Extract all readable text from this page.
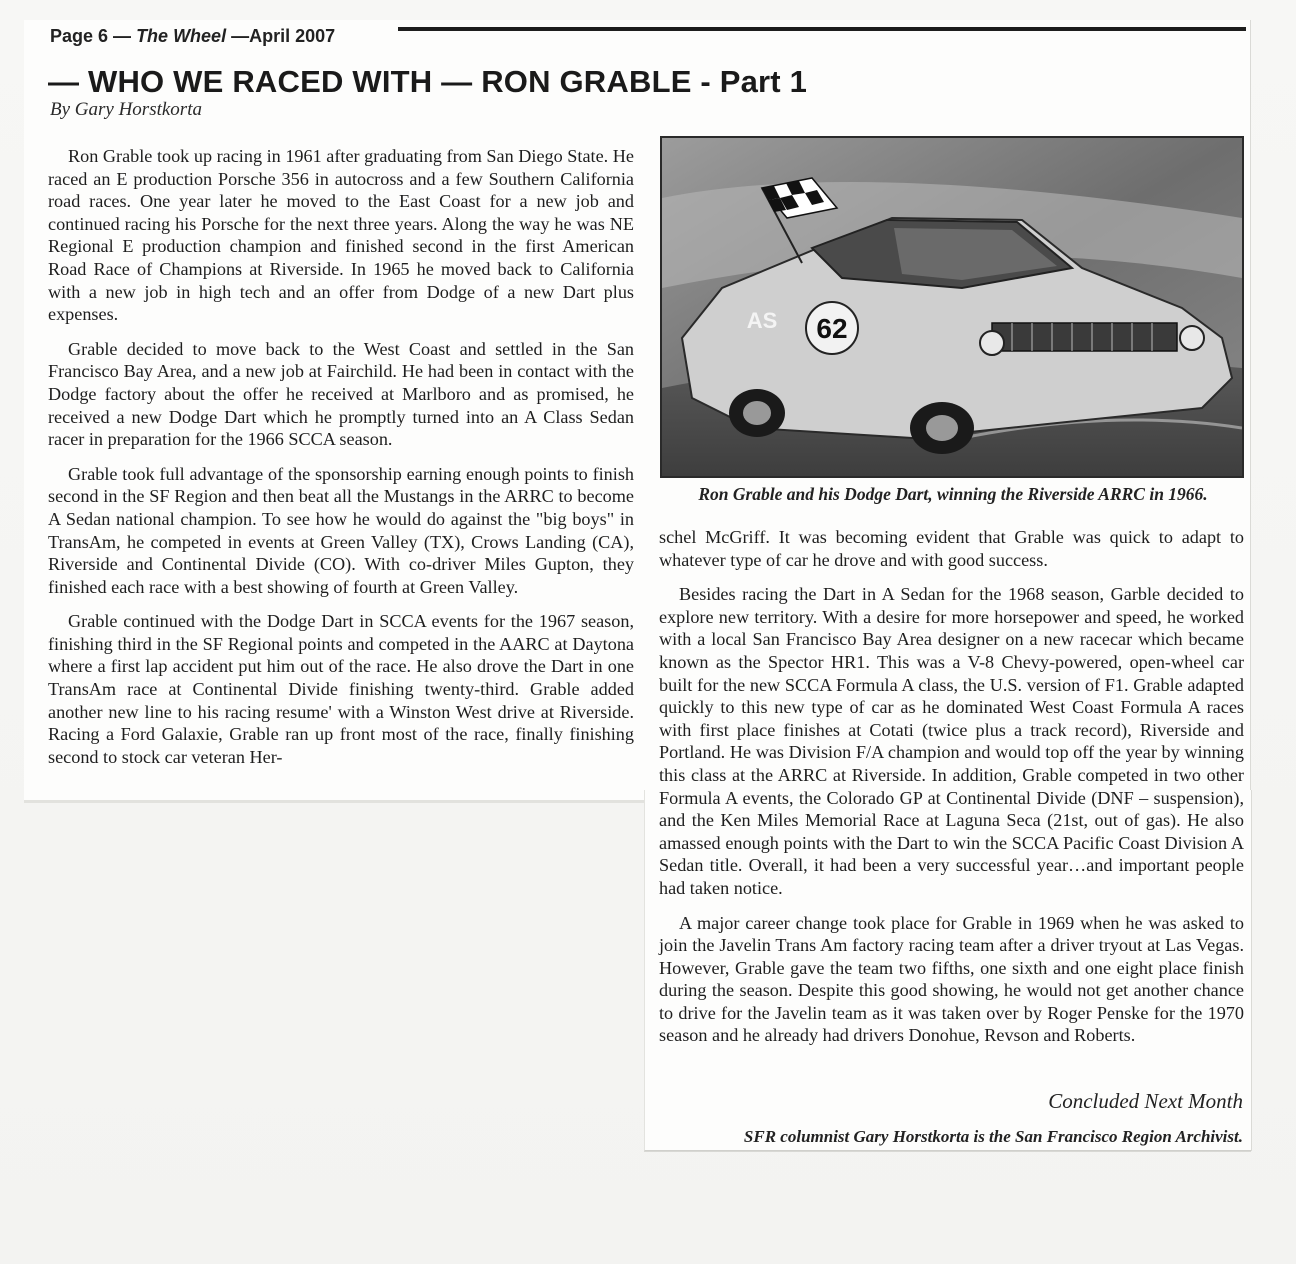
Page 6 — The Wheel —April 2007
— WHO WE RACED WITH — RON GRABLE - Part 1
By Gary Horstkorta

Ron Grable took up racing in 1961 after graduating from San Diego State. He raced an E production Porsche 356 in autocross and a few Southern California road races. One year later he moved to the East Coast for a new job and continued racing his Porsche for the next three years. Along the way he was NE Regional E production champion and finished second in the first American Road Race of Champions at Riverside. In 1965 he moved back to California with a new job in high tech and an offer from Dodge of a new Dart plus expenses.

Grable decided to move back to the West Coast and settled in the San Francisco Bay Area, and a new job at Fairchild. He had been in contact with the Dodge factory about the offer he received at Marlboro and as promised, he received a new Dodge Dart which he promptly turned into an A Class Sedan racer in preparation for the 1966 SCCA season.

Grable took full advantage of the sponsorship earning enough points to finish second in the SF Region and then beat all the Mustangs in the ARRC to become A Sedan national champion. To see how he would do against the "big boys" in TransAm, he competed in events at Green Valley (TX), Crows Landing (CA), Riverside and Continental Divide (CO). With co-driver Miles Gupton, they finished each race with a best showing of fourth at Green Valley.

Grable continued with the Dodge Dart in SCCA events for the 1967 season, finishing third in the SF Regional points and competed in the AARC at Daytona where a first lap accident put him out of the race. He also drove the Dart in one TransAm race at Continental Divide finishing twenty-third. Grable added another new line to his racing resume' with a Winston West drive at Riverside. Racing a Ford Galaxie, Grable ran up front most of the race, finally finishing second to stock car veteran Her-

62
AS
Ron Grable and his Dodge Dart, winning the Riverside ARRC in 1966.

schel McGriff. It was becoming evident that Grable was quick to adapt to whatever type of car he drove and with good success.

Besides racing the Dart in A Sedan for the 1968 season, Garble decided to explore new territory. With a desire for more horsepower and speed, he worked with a local San Francisco Bay Area designer on a new racecar which became known as the Spector HR1. This was a V-8 Chevy-powered, open-wheel car built for the new SCCA Formula A class, the U.S. version of F1. Grable adapted quickly to this new type of car as he dominated West Coast Formula A races with first place finishes at Cotati (twice plus a track record), Riverside and Portland. He was Division F/A champion and would top off the year by winning this class at the ARRC at Riverside. In addition, Grable competed in two other Formula A events, the Colorado GP at Continental Divide (DNF – suspension), and the Ken Miles Memorial Race at Laguna Seca (21st, out of gas). He also amassed enough points with the Dart to win the SCCA Pacific Coast Division A Sedan title. Overall, it had been a very successful year…and important people had taken notice.

A major career change took place for Grable in 1969 when he was asked to join the Javelin Trans Am factory racing team after a driver tryout at Las Vegas. However, Grable gave the team two fifths, one sixth and one eight place finish during the season. Despite this good showing, he would not get another chance to drive for the Javelin team as it was taken over by Roger Penske for the 1970 season and he already had drivers Donohue, Revson and Roberts.

Concluded Next Month
SFR columnist Gary Horstkorta is the San Francisco Region Archivist.
